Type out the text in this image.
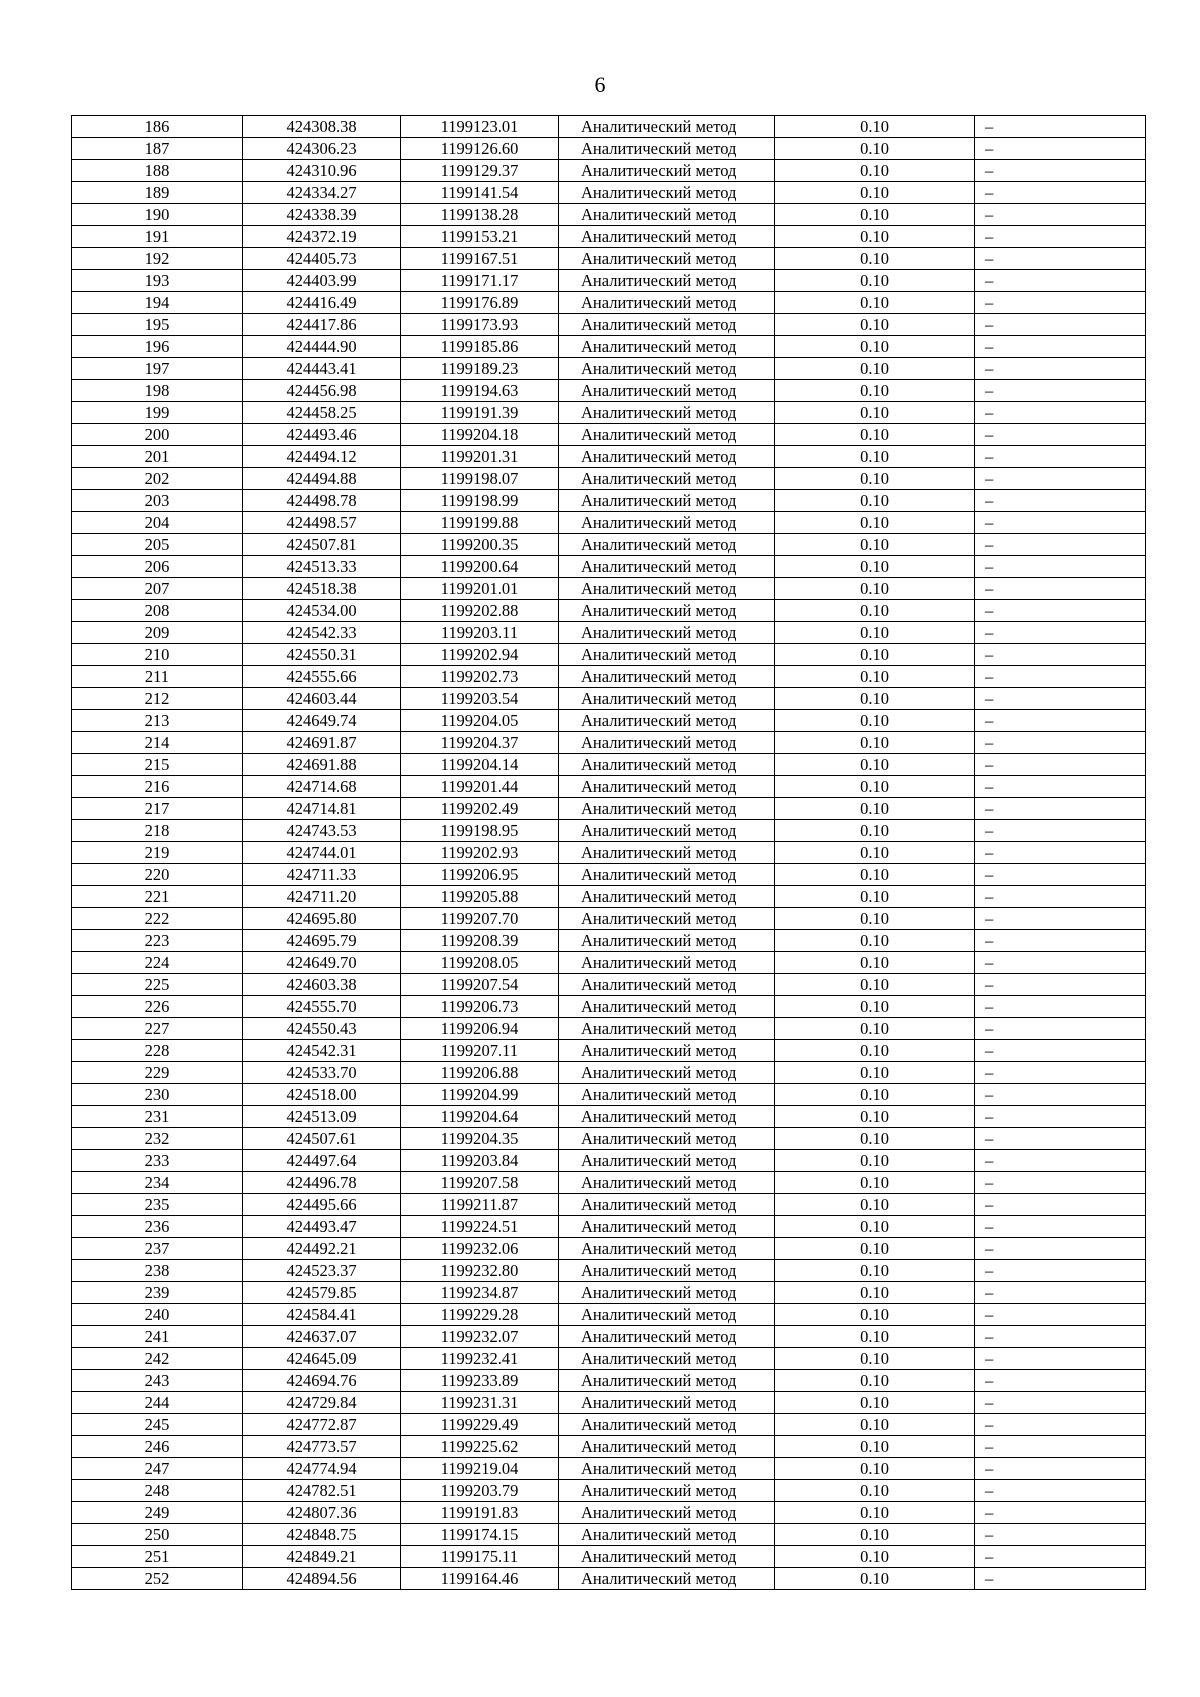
6
186	424308.38	1199123.01	Аналитический метод	0.10	–
187	424306.23	1199126.60	Аналитический метод	0.10	–
188	424310.96	1199129.37	Аналитический метод	0.10	–
189	424334.27	1199141.54	Аналитический метод	0.10	–
190	424338.39	1199138.28	Аналитический метод	0.10	–
191	424372.19	1199153.21	Аналитический метод	0.10	–
192	424405.73	1199167.51	Аналитический метод	0.10	–
193	424403.99	1199171.17	Аналитический метод	0.10	–
194	424416.49	1199176.89	Аналитический метод	0.10	–
195	424417.86	1199173.93	Аналитический метод	0.10	–
196	424444.90	1199185.86	Аналитический метод	0.10	–
197	424443.41	1199189.23	Аналитический метод	0.10	–
198	424456.98	1199194.63	Аналитический метод	0.10	–
199	424458.25	1199191.39	Аналитический метод	0.10	–
200	424493.46	1199204.18	Аналитический метод	0.10	–
201	424494.12	1199201.31	Аналитический метод	0.10	–
202	424494.88	1199198.07	Аналитический метод	0.10	–
203	424498.78	1199198.99	Аналитический метод	0.10	–
204	424498.57	1199199.88	Аналитический метод	0.10	–
205	424507.81	1199200.35	Аналитический метод	0.10	–
206	424513.33	1199200.64	Аналитический метод	0.10	–
207	424518.38	1199201.01	Аналитический метод	0.10	–
208	424534.00	1199202.88	Аналитический метод	0.10	–
209	424542.33	1199203.11	Аналитический метод	0.10	–
210	424550.31	1199202.94	Аналитический метод	0.10	–
211	424555.66	1199202.73	Аналитический метод	0.10	–
212	424603.44	1199203.54	Аналитический метод	0.10	–
213	424649.74	1199204.05	Аналитический метод	0.10	–
214	424691.87	1199204.37	Аналитический метод	0.10	–
215	424691.88	1199204.14	Аналитический метод	0.10	–
216	424714.68	1199201.44	Аналитический метод	0.10	–
217	424714.81	1199202.49	Аналитический метод	0.10	–
218	424743.53	1199198.95	Аналитический метод	0.10	–
219	424744.01	1199202.93	Аналитический метод	0.10	–
220	424711.33	1199206.95	Аналитический метод	0.10	–
221	424711.20	1199205.88	Аналитический метод	0.10	–
222	424695.80	1199207.70	Аналитический метод	0.10	–
223	424695.79	1199208.39	Аналитический метод	0.10	–
224	424649.70	1199208.05	Аналитический метод	0.10	–
225	424603.38	1199207.54	Аналитический метод	0.10	–
226	424555.70	1199206.73	Аналитический метод	0.10	–
227	424550.43	1199206.94	Аналитический метод	0.10	–
228	424542.31	1199207.11	Аналитический метод	0.10	–
229	424533.70	1199206.88	Аналитический метод	0.10	–
230	424518.00	1199204.99	Аналитический метод	0.10	–
231	424513.09	1199204.64	Аналитический метод	0.10	–
232	424507.61	1199204.35	Аналитический метод	0.10	–
233	424497.64	1199203.84	Аналитический метод	0.10	–
234	424496.78	1199207.58	Аналитический метод	0.10	–
235	424495.66	1199211.87	Аналитический метод	0.10	–
236	424493.47	1199224.51	Аналитический метод	0.10	–
237	424492.21	1199232.06	Аналитический метод	0.10	–
238	424523.37	1199232.80	Аналитический метод	0.10	–
239	424579.85	1199234.87	Аналитический метод	0.10	–
240	424584.41	1199229.28	Аналитический метод	0.10	–
241	424637.07	1199232.07	Аналитический метод	0.10	–
242	424645.09	1199232.41	Аналитический метод	0.10	–
243	424694.76	1199233.89	Аналитический метод	0.10	–
244	424729.84	1199231.31	Аналитический метод	0.10	–
245	424772.87	1199229.49	Аналитический метод	0.10	–
246	424773.57	1199225.62	Аналитический метод	0.10	–
247	424774.94	1199219.04	Аналитический метод	0.10	–
248	424782.51	1199203.79	Аналитический метод	0.10	–
249	424807.36	1199191.83	Аналитический метод	0.10	–
250	424848.75	1199174.15	Аналитический метод	0.10	–
251	424849.21	1199175.11	Аналитический метод	0.10	–
252	424894.56	1199164.46	Аналитический метод	0.10	–
